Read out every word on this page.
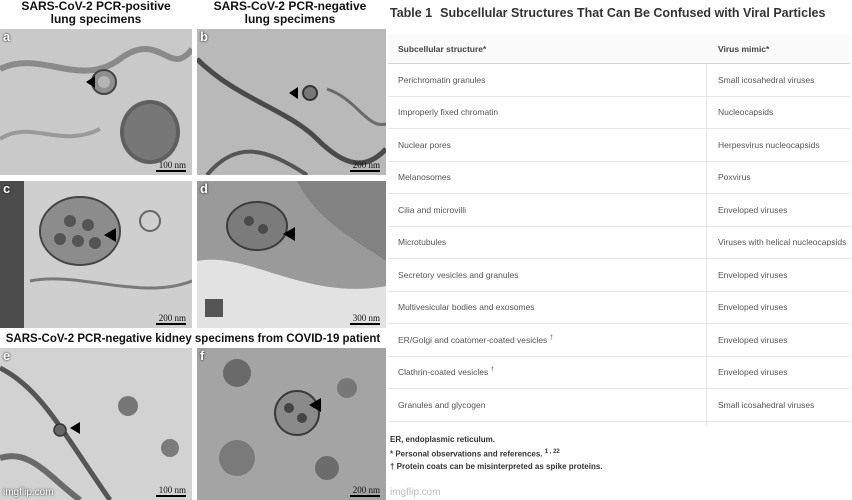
SARS-CoV-2 PCR-positive
lung specimens
SARS-CoV-2 PCR-negative
lung specimens
a
100 nm
b
200 nm
c
200 nm
d
300 nm
SARS-CoV-2 PCR-negative kidney specimens from COVID-19 patient
e
100 nm
f
200 nm
imgflip.com
Table 1 Subcellular Structures That Can Be Confused with Viral Particles
Subcellular structure*	Virus mimic*
Perichromatin granules	Small icosahedral viruses
Improperly fixed chromatin	Nucleocapsids
Nuclear pores	Herpesvirus nucleocapsids
Melanosomes	Poxvirus
Cilia and microvilli	Enveloped viruses
Microtubules	Viruses with helical nucleocapsids
Secretory vesicles and granules	Enveloped viruses
Multivesicular bodies and exosomes	Enveloped viruses
ER/Golgi and coatomer-coated vesicles †	Enveloped viruses
Clathrin-coated vesicles †	Enveloped viruses
Granules and glycogen	Small icosahedral viruses
ER, endoplasmic reticulum.
* Personal observations and references. $^{1 , 22}$
† Protein coats can be misinterpreted as spike proteins.
imgflip.com
